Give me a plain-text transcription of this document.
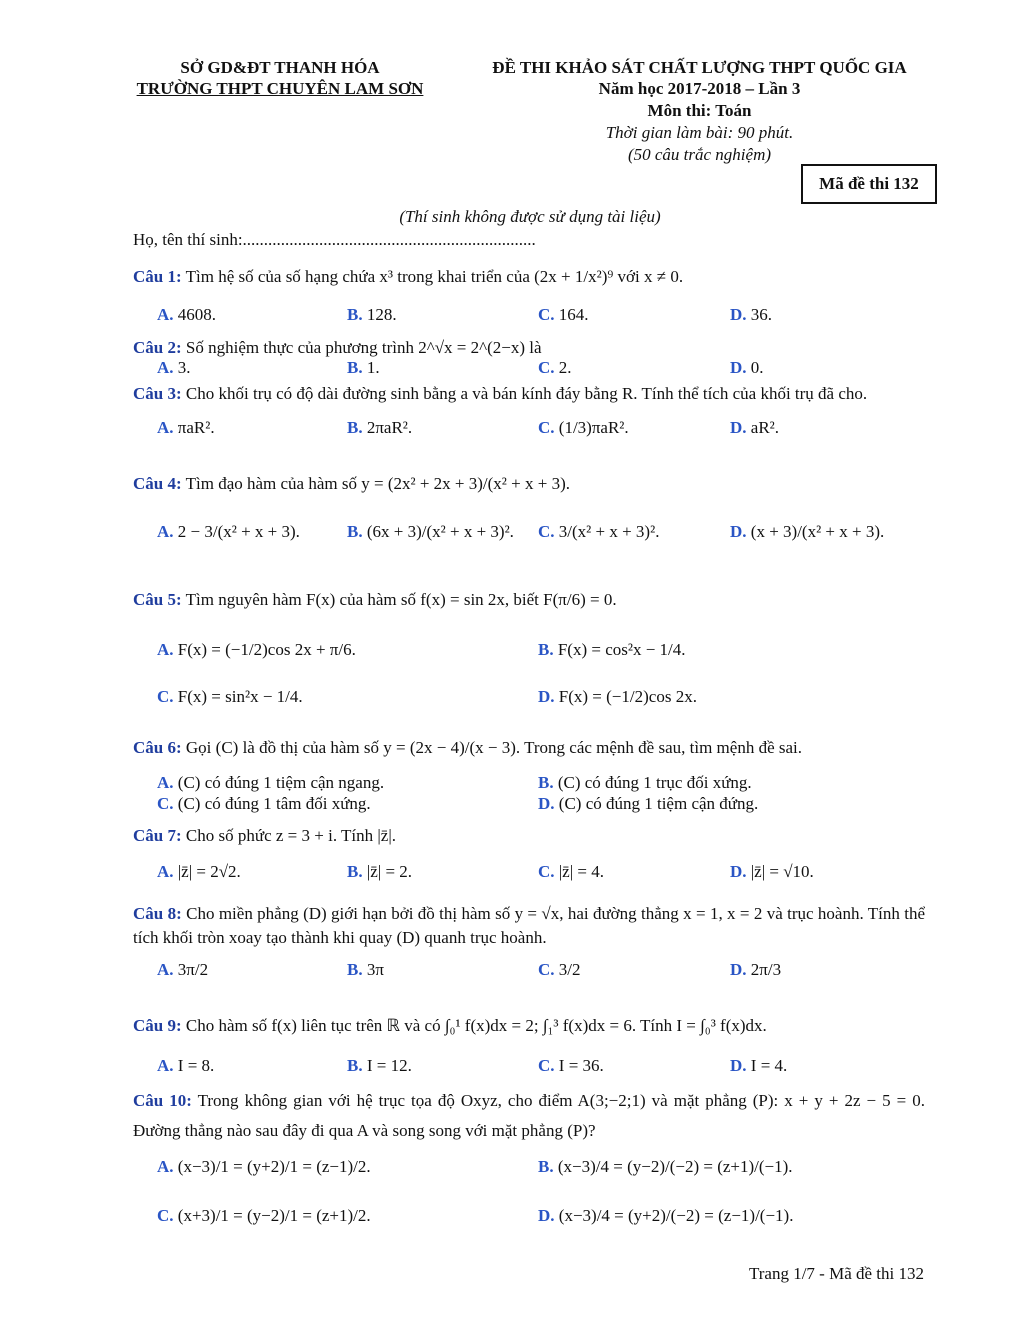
SỞ GD&ĐT THANH HÓA
TRƯỜNG THPT CHUYÊN LAM SƠN
ĐỀ THI KHẢO SÁT CHẤT LƯỢNG THPT QUỐC GIA
Năm học 2017-2018 – Lần 3
Môn thi: Toán
Thời gian làm bài: 90 phút.
(50 câu trắc nghiệm)
Mã đề thi 132
(Thí sinh không được sử dụng tài liệu)
Họ, tên thí sinh:.....................................................................
Câu 1: Tìm hệ số của số hạng chứa x³ trong khai triển của (2x + 1/x²)⁹ với x ≠ 0.
A. 4608.	B. 128.	C. 164.	D. 36.
Câu 2: Số nghiệm thực của phương trình 2^√x = 2^(2−x) là
A. 3.	B. 1.	C. 2.	D. 0.
Câu 3: Cho khối trụ có độ dài đường sinh bằng a và bán kính đáy bằng R. Tính thể tích của khối trụ đã cho.
A. πaR².	B. 2πaR².	C. (1/3)πaR².	D. aR².
Câu 4: Tìm đạo hàm của hàm số y = (2x² + 2x + 3)/(x² + x + 3).
A. 2 − 3/(x² + x + 3).	B. (6x + 3)/(x² + x + 3)². C. 3/(x² + x + 3)².	D. (x + 3)/(x² + x + 3).
Câu 5: Tìm nguyên hàm F(x) của hàm số f(x) = sin 2x, biết F(π/6) = 0.
A. F(x) = (−1/2)cos 2x + π/6.	B. F(x) = cos²x − 1/4.
C. F(x) = sin²x − 1/4.	D. F(x) = (−1/2)cos 2x.
Câu 6: Gọi (C) là đồ thị của hàm số y = (2x − 4)/(x − 3). Trong các mệnh đề sau, tìm mệnh đề sai.
A. (C) có đúng 1 tiệm cận ngang.	B. (C) có đúng 1 trục đối xứng.
C. (C) có đúng 1 tâm đối xứng.	D. (C) có đúng 1 tiệm cận đứng.
Câu 7: Cho số phức z = 3 + i. Tính |z̄|.
A. |z̄| = 2√2.	B. |z̄| = 2.	C. |z̄| = 4.	D. |z̄| = √10.
Câu 8: Cho miền phẳng (D) giới hạn bởi đồ thị hàm số y = √x, hai đường thẳng x = 1, x = 2 và trục hoành. Tính thể tích khối tròn xoay tạo thành khi quay (D) quanh trục hoành.
A. 3π/2	B. 3π	C. 3/2	D. 2π/3
Câu 9: Cho hàm số f(x) liên tục trên ℝ và có ∫₀¹ f(x)dx = 2; ∫₁³ f(x)dx = 6. Tính I = ∫₀³ f(x)dx.
A. I = 8.	B. I = 12.	C. I = 36.	D. I = 4.
Câu 10: Trong không gian với hệ trục tọa độ Oxyz, cho điểm A(3;−2;1) và mặt phẳng (P): x + y + 2z − 5 = 0. Đường thẳng nào sau đây đi qua A và song song với mặt phẳng (P)?
A. (x−3)/1 = (y+2)/1 = (z−1)/2.	B. (x−3)/4 = (y−2)/(−2) = (z+1)/(−1).
C. (x+3)/1 = (y−2)/1 = (z+1)/2.	D. (x−3)/4 = (y+2)/(−2) = (z−1)/(−1).
Trang 1/7 - Mã đề thi 132
